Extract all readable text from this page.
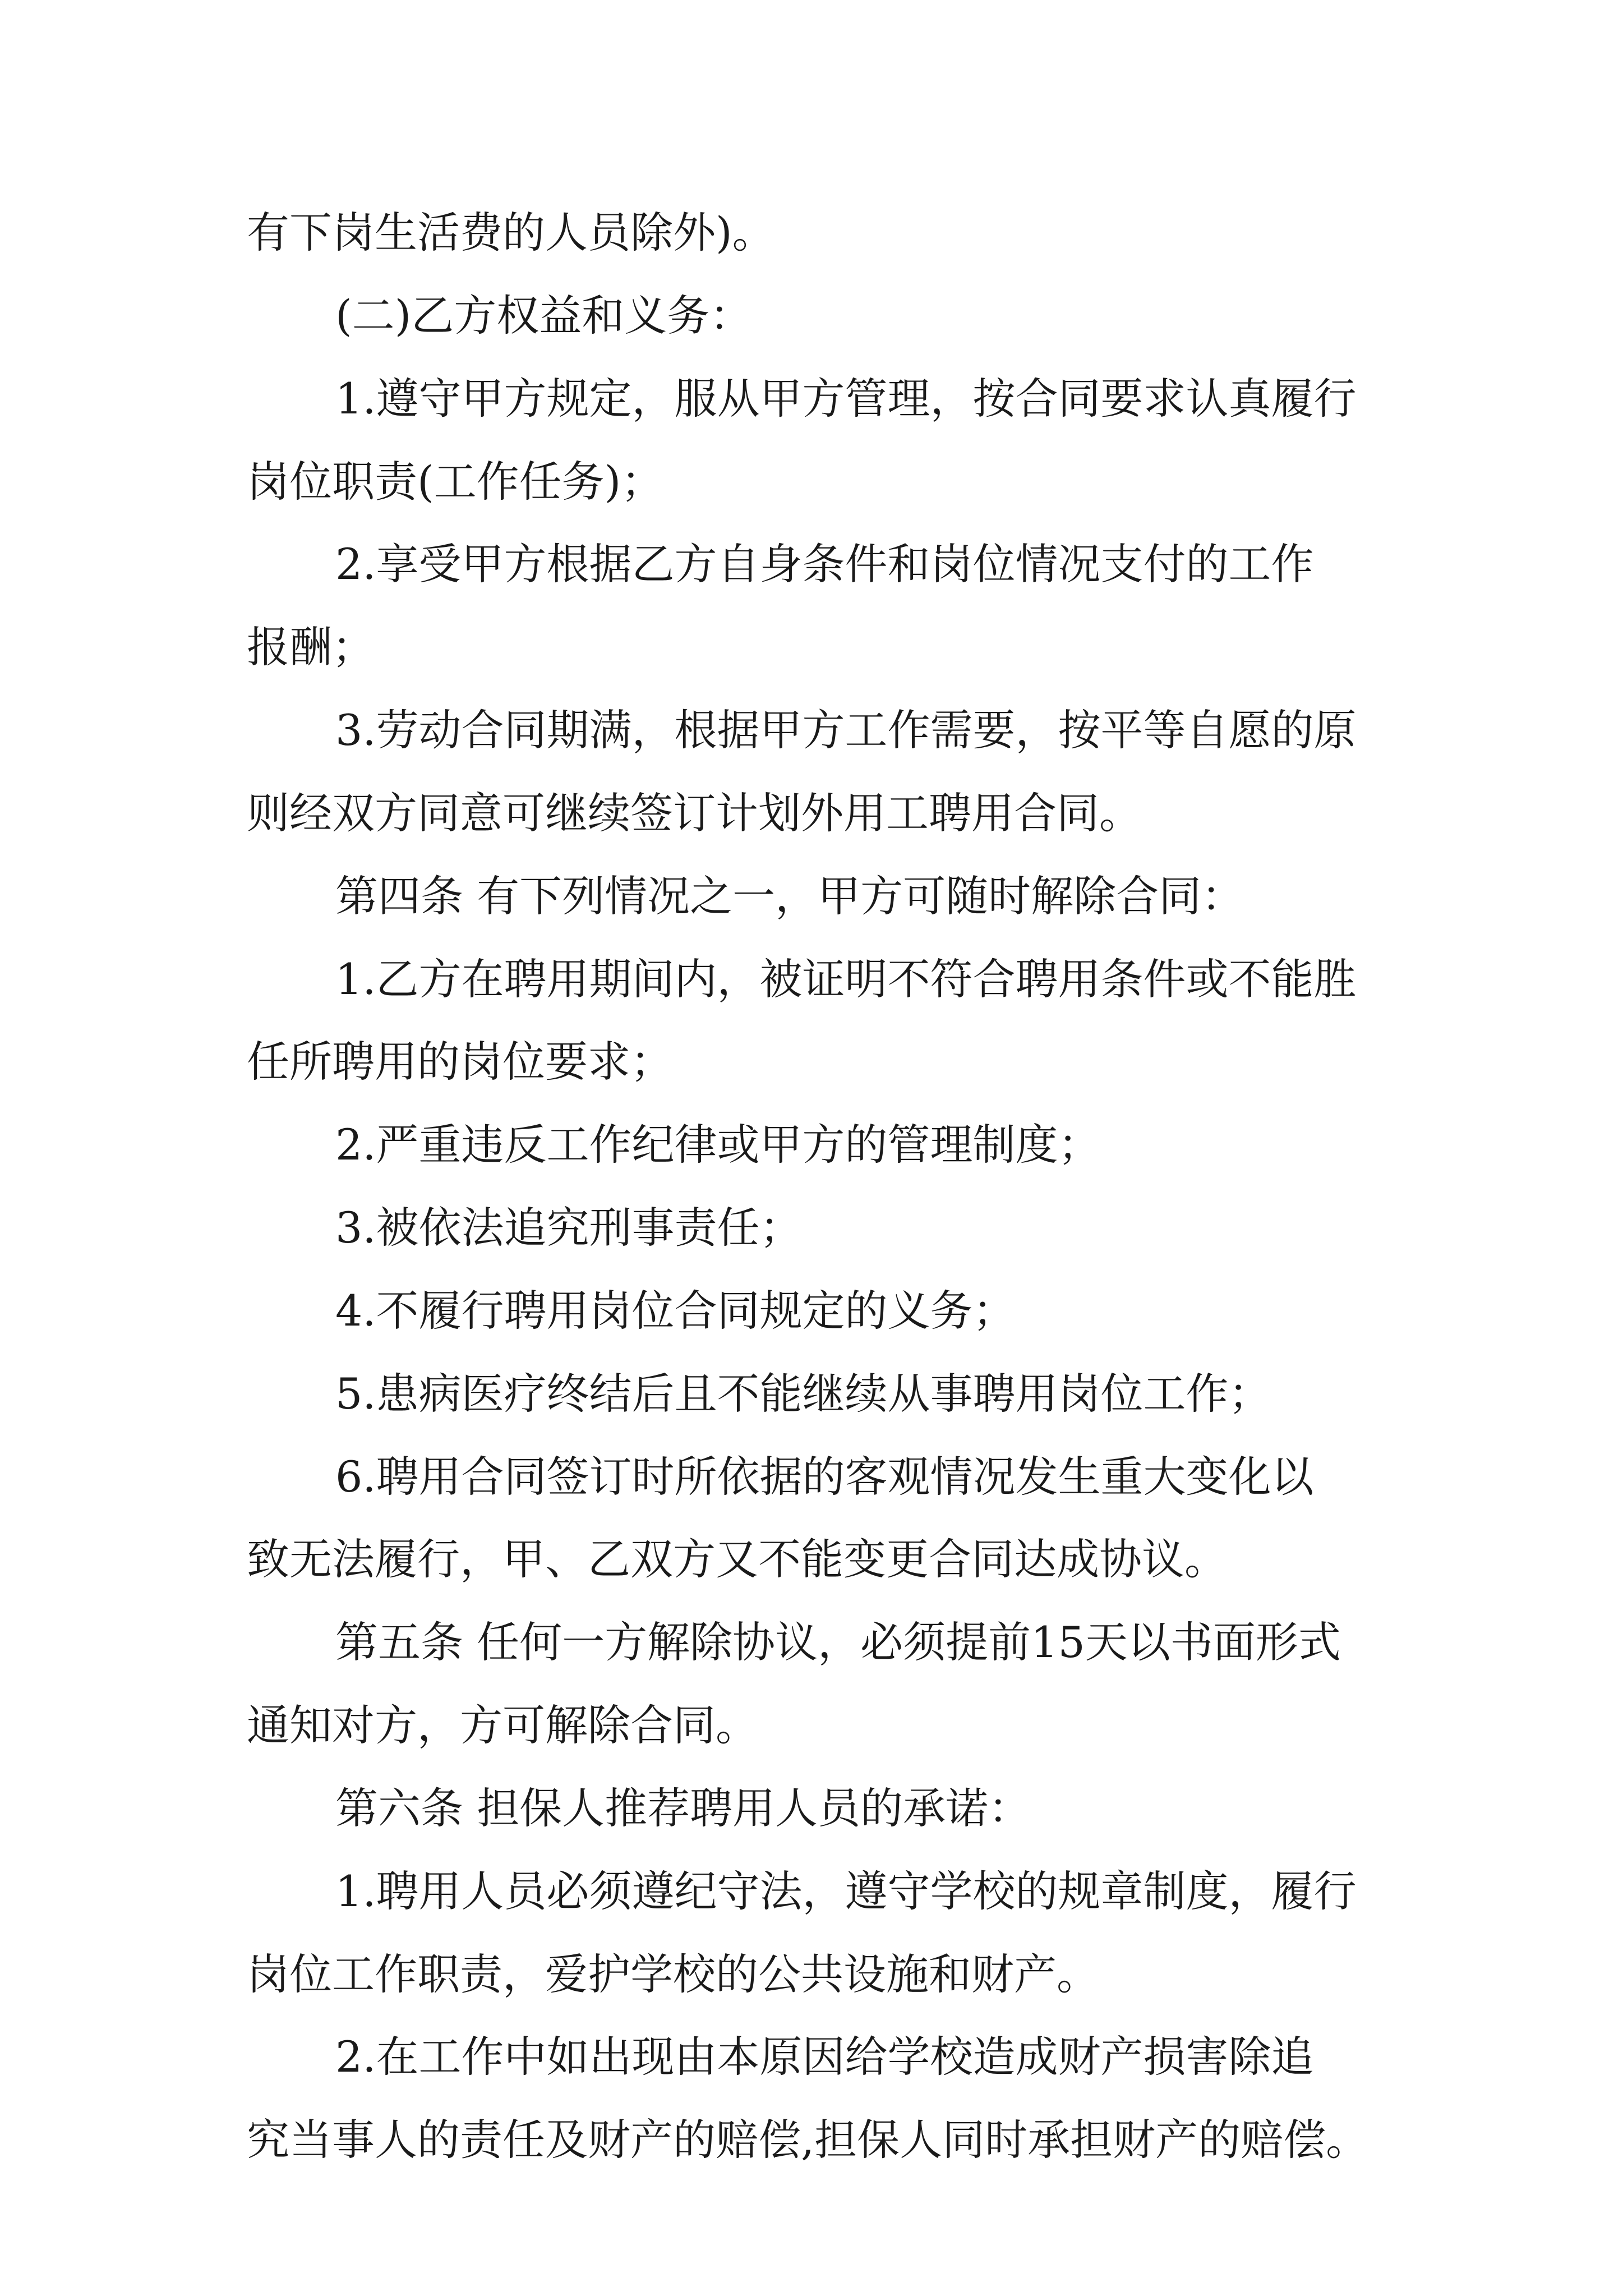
有下岗生活费的人员除外)。
(二)乙方权益和义务：
1.遵守甲方规定，服从甲方管理，按合同要求认真履行
岗位职责(工作任务)；
2.享受甲方根据乙方自身条件和岗位情况支付的工作
报酬；
3.劳动合同期满，根据甲方工作需要，按平等自愿的原
则经双方同意可继续签订计划外用工聘用合同。
第四条 有下列情况之一，甲方可随时解除合同：
1.乙方在聘用期间内，被证明不符合聘用条件或不能胜
任所聘用的岗位要求；
2.严重违反工作纪律或甲方的管理制度；
3.被依法追究刑事责任；
4.不履行聘用岗位合同规定的义务；
5.患病医疗终结后且不能继续从事聘用岗位工作；
6.聘用合同签订时所依据的客观情况发生重大变化以
致无法履行，甲、乙双方又不能变更合同达成协议。
第五条 任何一方解除协议，必须提前15天以书面形式
通知对方，方可解除合同。
第六条 担保人推荐聘用人员的承诺：
1.聘用人员必须遵纪守法，遵守学校的规章制度，履行
岗位工作职责，爱护学校的公共设施和财产。
2.在工作中如出现由本原因给学校造成财产损害除追
究当事人的责任及财产的赔偿,担保人同时承担财产的赔偿。
